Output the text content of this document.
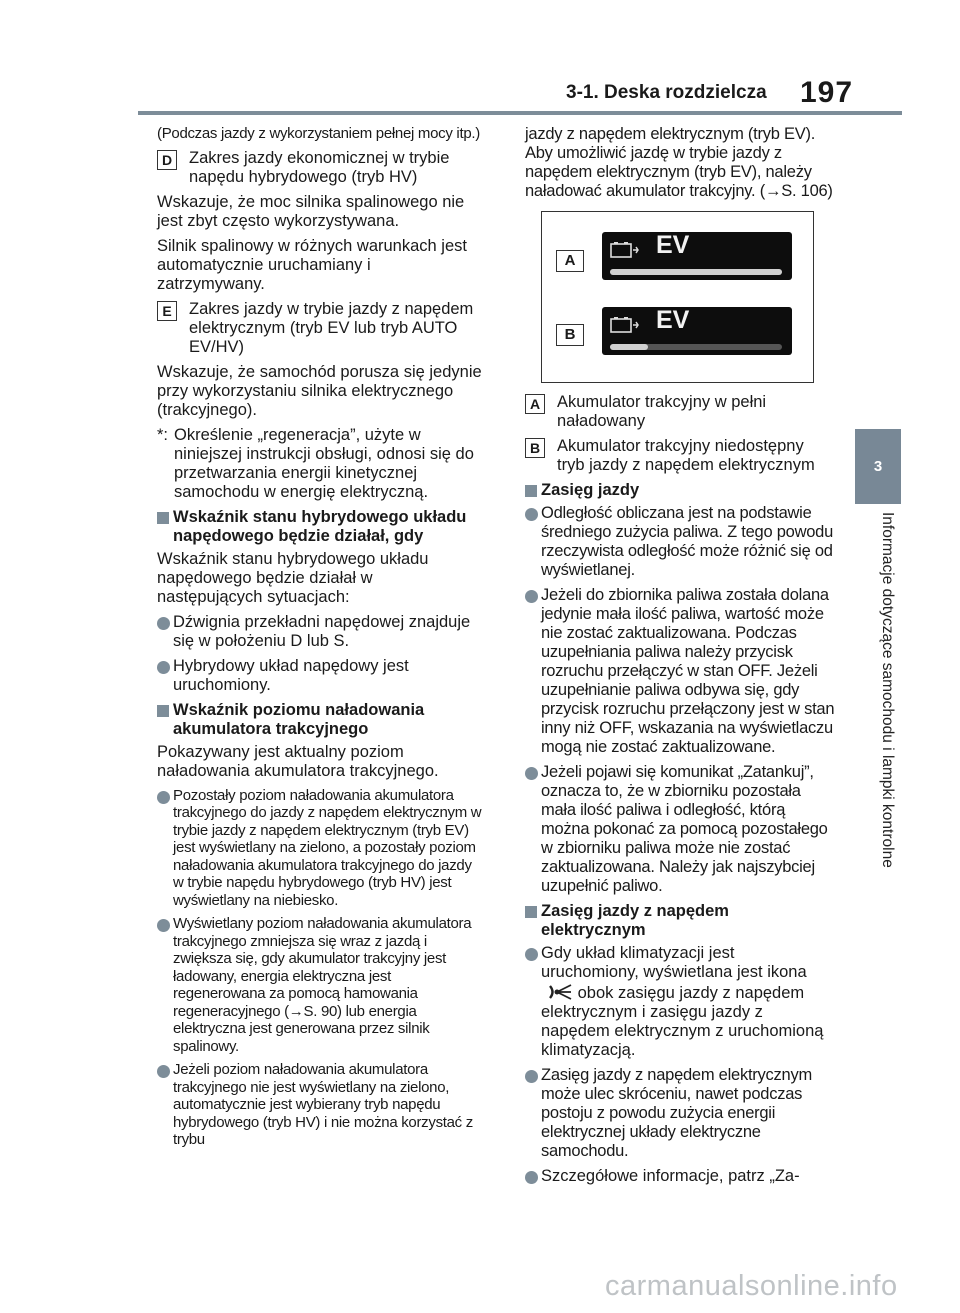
3-1. Deska rozdzielcza 197
3
Informacje dotyczące samochodu i lampki kontrolne
(Podczas jazdy z wykorzystaniem pełnej mocy itp.)
D Zakres jazdy ekonomicznej w trybie napędu hybrydowego (tryb HV)
Wskazuje, że moc silnika spalinowego nie jest zbyt często wykorzystywana.
Silnik spalinowy w różnych warunkach jest automatycznie uruchamiany i zatrzymywany.
E	Zakres jazdy w trybie jazdy z napędem elektrycznym (tryb EV lub tryb AUTO EV/HV)
Wskazuje, że samochód porusza się jedynie przy wykorzystaniu silnika elektrycznego (trakcyjnego).
*: Określenie „regeneracja”, użyte w niniejszej instrukcji obsługi, odnosi się do przetwarzania energii kinetycznej samochodu w energię elektryczną.
Wskaźnik stanu hybrydowego układu napędowego będzie działał, gdy
Wskaźnik stanu hybrydowego układu napędowego będzie działał w następujących sytuacjach:
Dźwignia przekładni napędowej znajduje się w położeniu D lub S.
Hybrydowy układ napędowy jest uruchomiony.
Wskaźnik poziomu naładowania akumulatora trakcyjnego
Pokazywany jest aktualny poziom naładowania akumulatora trakcyjnego.
Pozostały poziom naładowania akumulatora trakcyjnego do jazdy z napędem elektrycznym w trybie jazdy z napędem elektrycznym (tryb EV) jest wyświetlany na zielono, a pozostały poziom naładowania akumulatora trakcyjnego do jazdy w trybie napędu hybrydowego (tryb HV) jest wyświetlany na niebiesko.
Wyświetlany poziom naładowania akumulatora trakcyjnego zmniejsza się wraz z jazdą i zwiększa się, gdy akumulator trakcyjny jest ładowany, energia elektryczna jest regenerowana za pomocą hamowania regeneracyjnego (→S. 90) lub energia elektryczna jest generowana przez silnik spalinowy.
Jeżeli poziom naładowania akumulatora trakcyjnego nie jest wyświetlany na zielono, automatycznie jest wybierany tryb napędu hybrydowego (tryb HV) i nie można korzystać z trybu
jazdy z napędem elektrycznym (tryb EV). Aby umożliwić jazdę w trybie jazdy z napędem elektrycznym (tryb EV), należy naładować akumulator trakcyjny. (→S. 106)
A
EV
B
EV
A Akumulator trakcyjny w pełni naładowany
B Akumulator trakcyjny niedostępny tryb jazdy z napędem elektrycznym
Zasięg jazdy
Odległość obliczana jest na podstawie średniego zużycia paliwa. Z tego powodu rzeczywista odległość może różnić się od wyświetlanej.
Jeżeli do zbiornika paliwa została dolana jedynie mała ilość paliwa, wartość może nie zostać zaktualizowana. Podczas uzupełniania paliwa należy przycisk rozruchu przełączyć w stan OFF. Jeżeli uzupełnianie paliwa odbywa się, gdy przycisk rozruchu przełączony jest w stan inny niż OFF, wskazania na wyświetlaczu mogą nie zostać zaktualizowane.
Jeżeli pojawi się komunikat „Zatankuj”, oznacza to, że w zbiorniku pozostała mała ilość paliwa i odległość, którą można pokonać za pomocą pozostałego w zbiorniku paliwa może nie zostać zaktualizowana. Należy jak najszybciej uzupełnić paliwo.
Zasięg jazdy z napędem elektrycznym
Gdy układ klimatyzacji jest uruchomiony, wyświetlana jest ikona  obok zasięgu jazdy z napędem elektrycznym i zasięgu jazdy z napędem elektrycznym z uruchomioną klimatyzacją.
Zasięg jazdy z napędem elektrycznym może ulec skróceniu, nawet podczas postoju z powodu zużycia energii elektrycznej układy elektryczne samochodu.
Szczegółowe informacje, patrz „Za-
carmanualsonline.info
